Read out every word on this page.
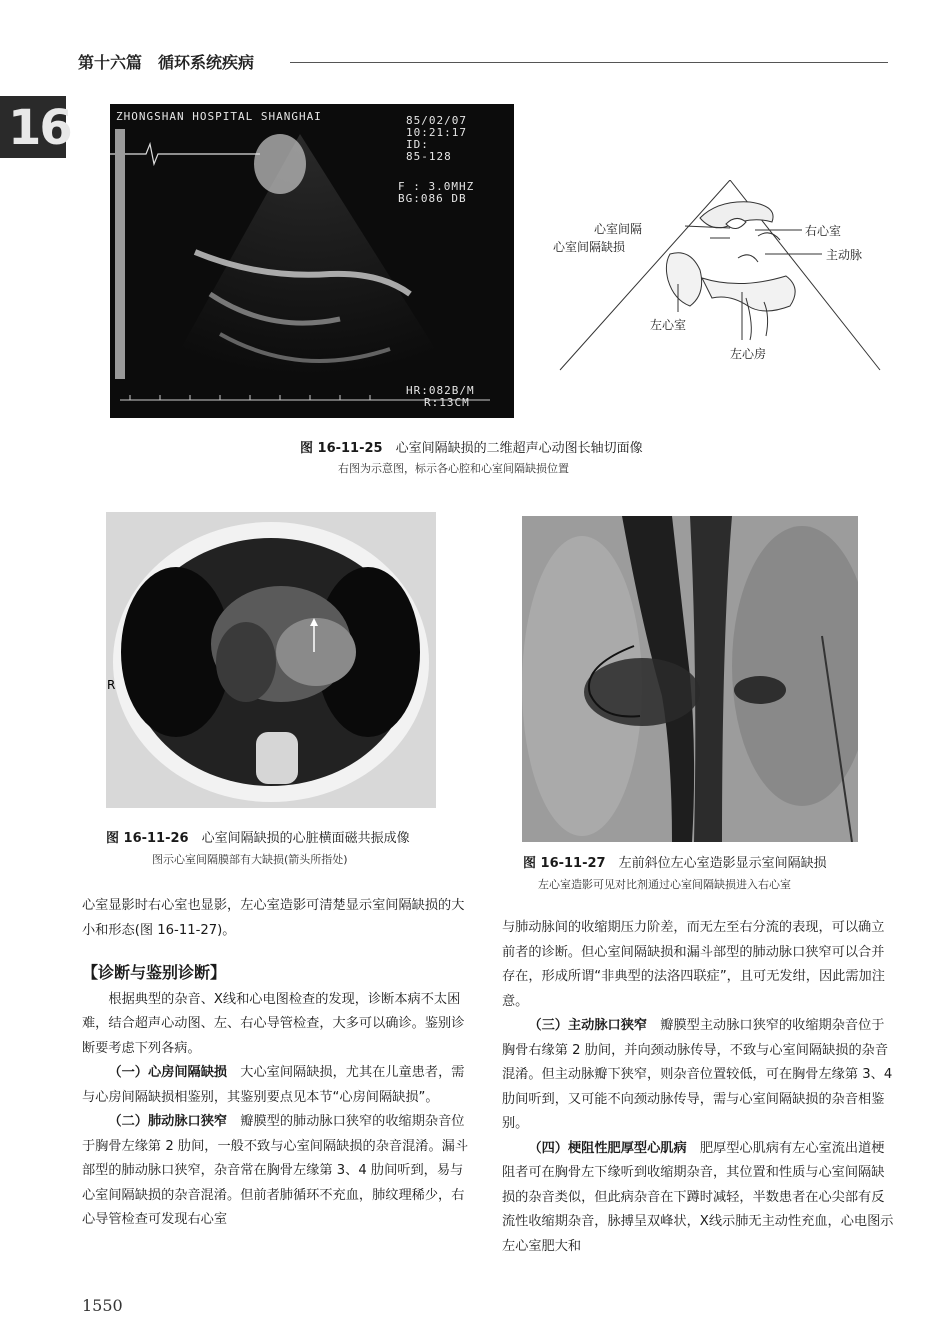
第十六篇　循环系统疾病
16	ZHONGSHAN HOSPITAL SHANGHAI	85/02/07
10:21:17
ID:
85-128
F : 3.0MHZ
BG:086 DB
HR:082B/M
R:13CM
心室间隔
心室间隔缺损
右心室
主动脉
左心室
左心房
图 16-11-25　 心室间隔缺损的二维超声心动图长轴切面像
右图为示意图，标示各心腔和心室间隔缺损位置
R
图 16-11-26　 心室间隔缺损的心脏横面磁共振成像
图示心室间隔膜部有大缺损(箭头所指处)	图 16-11-27　 左前斜位左心室造影显示室间隔缺损
左心室造影可见对比剂通过心室间隔缺损进入右心室

心室显影时右心室也显影，左心室造影可清楚显示室间隔缺损的大小和形态(图 16-11-27)。

【诊断与鉴别诊断】

根据典型的杂音、X线和心电图检查的发现，诊断本病不太困难，结合超声心动图、左、右心导管检查，大多可以确诊。鉴别诊断要考虑下列各病。

（一）心房间隔缺损　大心室间隔缺损，尤其在儿童患者，需与心房间隔缺损相鉴别，其鉴别要点见本节“心房间隔缺损”。

（二）肺动脉口狭窄　瓣膜型的肺动脉口狭窄的收缩期杂音位于胸骨左缘第 2 肋间，一般不致与心室间隔缺损的杂音混淆。漏斗部型的肺动脉口狭窄，杂音常在胸骨左缘第 3、4 肋间听到，易与心室间隔缺损的杂音混淆。但前者肺循环不充血，肺纹理稀少，右心导管检查可发现右心室

与肺动脉间的收缩期压力阶差，而无左至右分流的表现，可以确立前者的诊断。但心室间隔缺损和漏斗部型的肺动脉口狭窄可以合并存在，形成所谓“非典型的法洛四联症”，且可无发绀，因此需加注意。

（三）主动脉口狭窄　瓣膜型主动脉口狭窄的收缩期杂音位于胸骨右缘第 2 肋间，并向颈动脉传导，不致与心室间隔缺损的杂音混淆。但主动脉瓣下狭窄，则杂音位置较低，可在胸骨左缘第 3、4 肋间听到，又可能不向颈动脉传导，需与心室间隔缺损的杂音相鉴别。

（四）梗阻性肥厚型心肌病　肥厚型心肌病有左心室流出道梗阻者可在胸骨左下缘听到收缩期杂音，其位置和性质与心室间隔缺损的杂音类似，但此病杂音在下蹲时减轻，半数患者在心尖部有反流性收缩期杂音，脉搏呈双峰状，X线示肺无主动性充血，心电图示左心室肥大和

1550
